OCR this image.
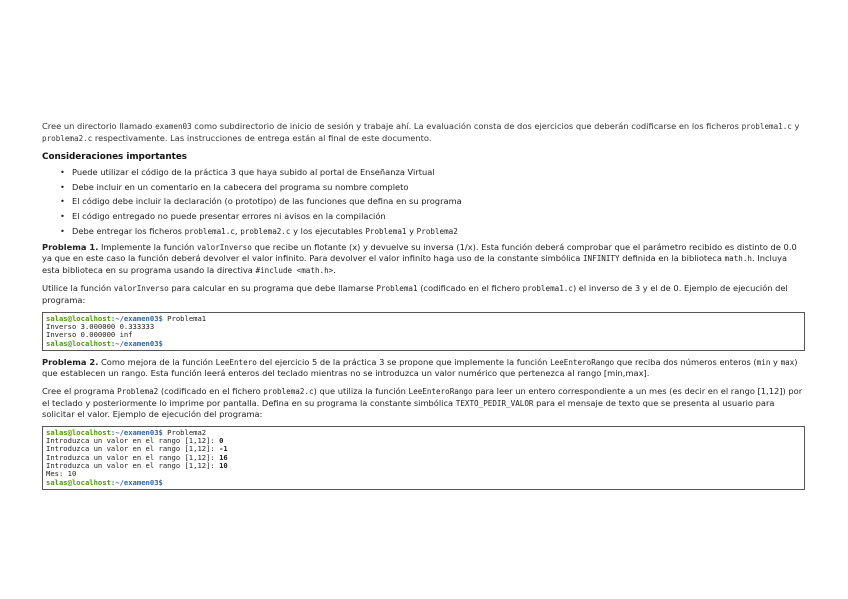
Cree un directorio llamado examen03 como subdirectorio de inicio de sesión y trabaje ahí. La evaluación consta de dos ejercicios que deberán codificarse en los ficheros problema1.c y problema2.c respectivamente. Las instrucciones de entrega están al final de este documento.

Consideraciones importantes
• Puede utilizar el código de la práctica 3 que haya subido al portal de Enseñanza Virtual
• Debe incluir en un comentario en la cabecera del programa su nombre completo
• El código debe incluir la declaración (o prototipo) de las funciones que defina en su programa
• El código entregado no puede presentar errores ni avisos en la compilación
• Debe entregar los ficheros problema1.c, problema2.c y los ejecutables Problema1 y Problema2

Problema 1. Implemente la función valorInverso que recibe un flotante (x) y devuelve su inversa (1/x). Esta función deberá comprobar que el parámetro recibido es distinto de 0.0 ya que en este caso la función deberá devolver el valor infinito. Para devolver el valor infinito haga uso de la constante simbólica INFINITY definida en la biblioteca math.h. Incluya esta biblioteca en su programa usando la directiva #include <math.h>.

Utilice la función valorInverso para calcular en su programa que debe llamarse Problema1 (codificado en el fichero problema1.c) el inverso de 3 y el de 0. Ejemplo de ejecución del programa:

salas@localhost:~/examen03$ Problema1
Inverso 3.000000 0.333333
Inverso 0.000000 inf
salas@localhost:~/examen03$

Problema 2. Como mejora de la función LeeEntero del ejercicio 5 de la práctica 3 se propone que implemente la función LeeEnteroRango que reciba dos números enteros (min y max) que establecen un rango. Esta función leerá enteros del teclado mientras no se introduzca un valor numérico que pertenezca al rango [min,max].

Cree el programa Problema2 (codificado en el fichero problema2.c) que utiliza la función LeeEnteroRango para leer un entero correspondiente a un mes (es decir en el rango [1,12]) por el teclado y posteriormente lo imprime por pantalla. Defina en su programa la constante simbólica TEXTO_PEDIR_VALOR para el mensaje de texto que se presenta al usuario para solicitar el valor. Ejemplo de ejecución del programa:

salas@localhost:~/examen03$ Problema2
Introduzca un valor en el rango [1,12]: 0
Introduzca un valor en el rango [1,12]: -1
Introduzca un valor en el rango [1,12]: 16
Introduzca un valor en el rango [1,12]: 10
Mes: 10
salas@localhost:~/examen03$
